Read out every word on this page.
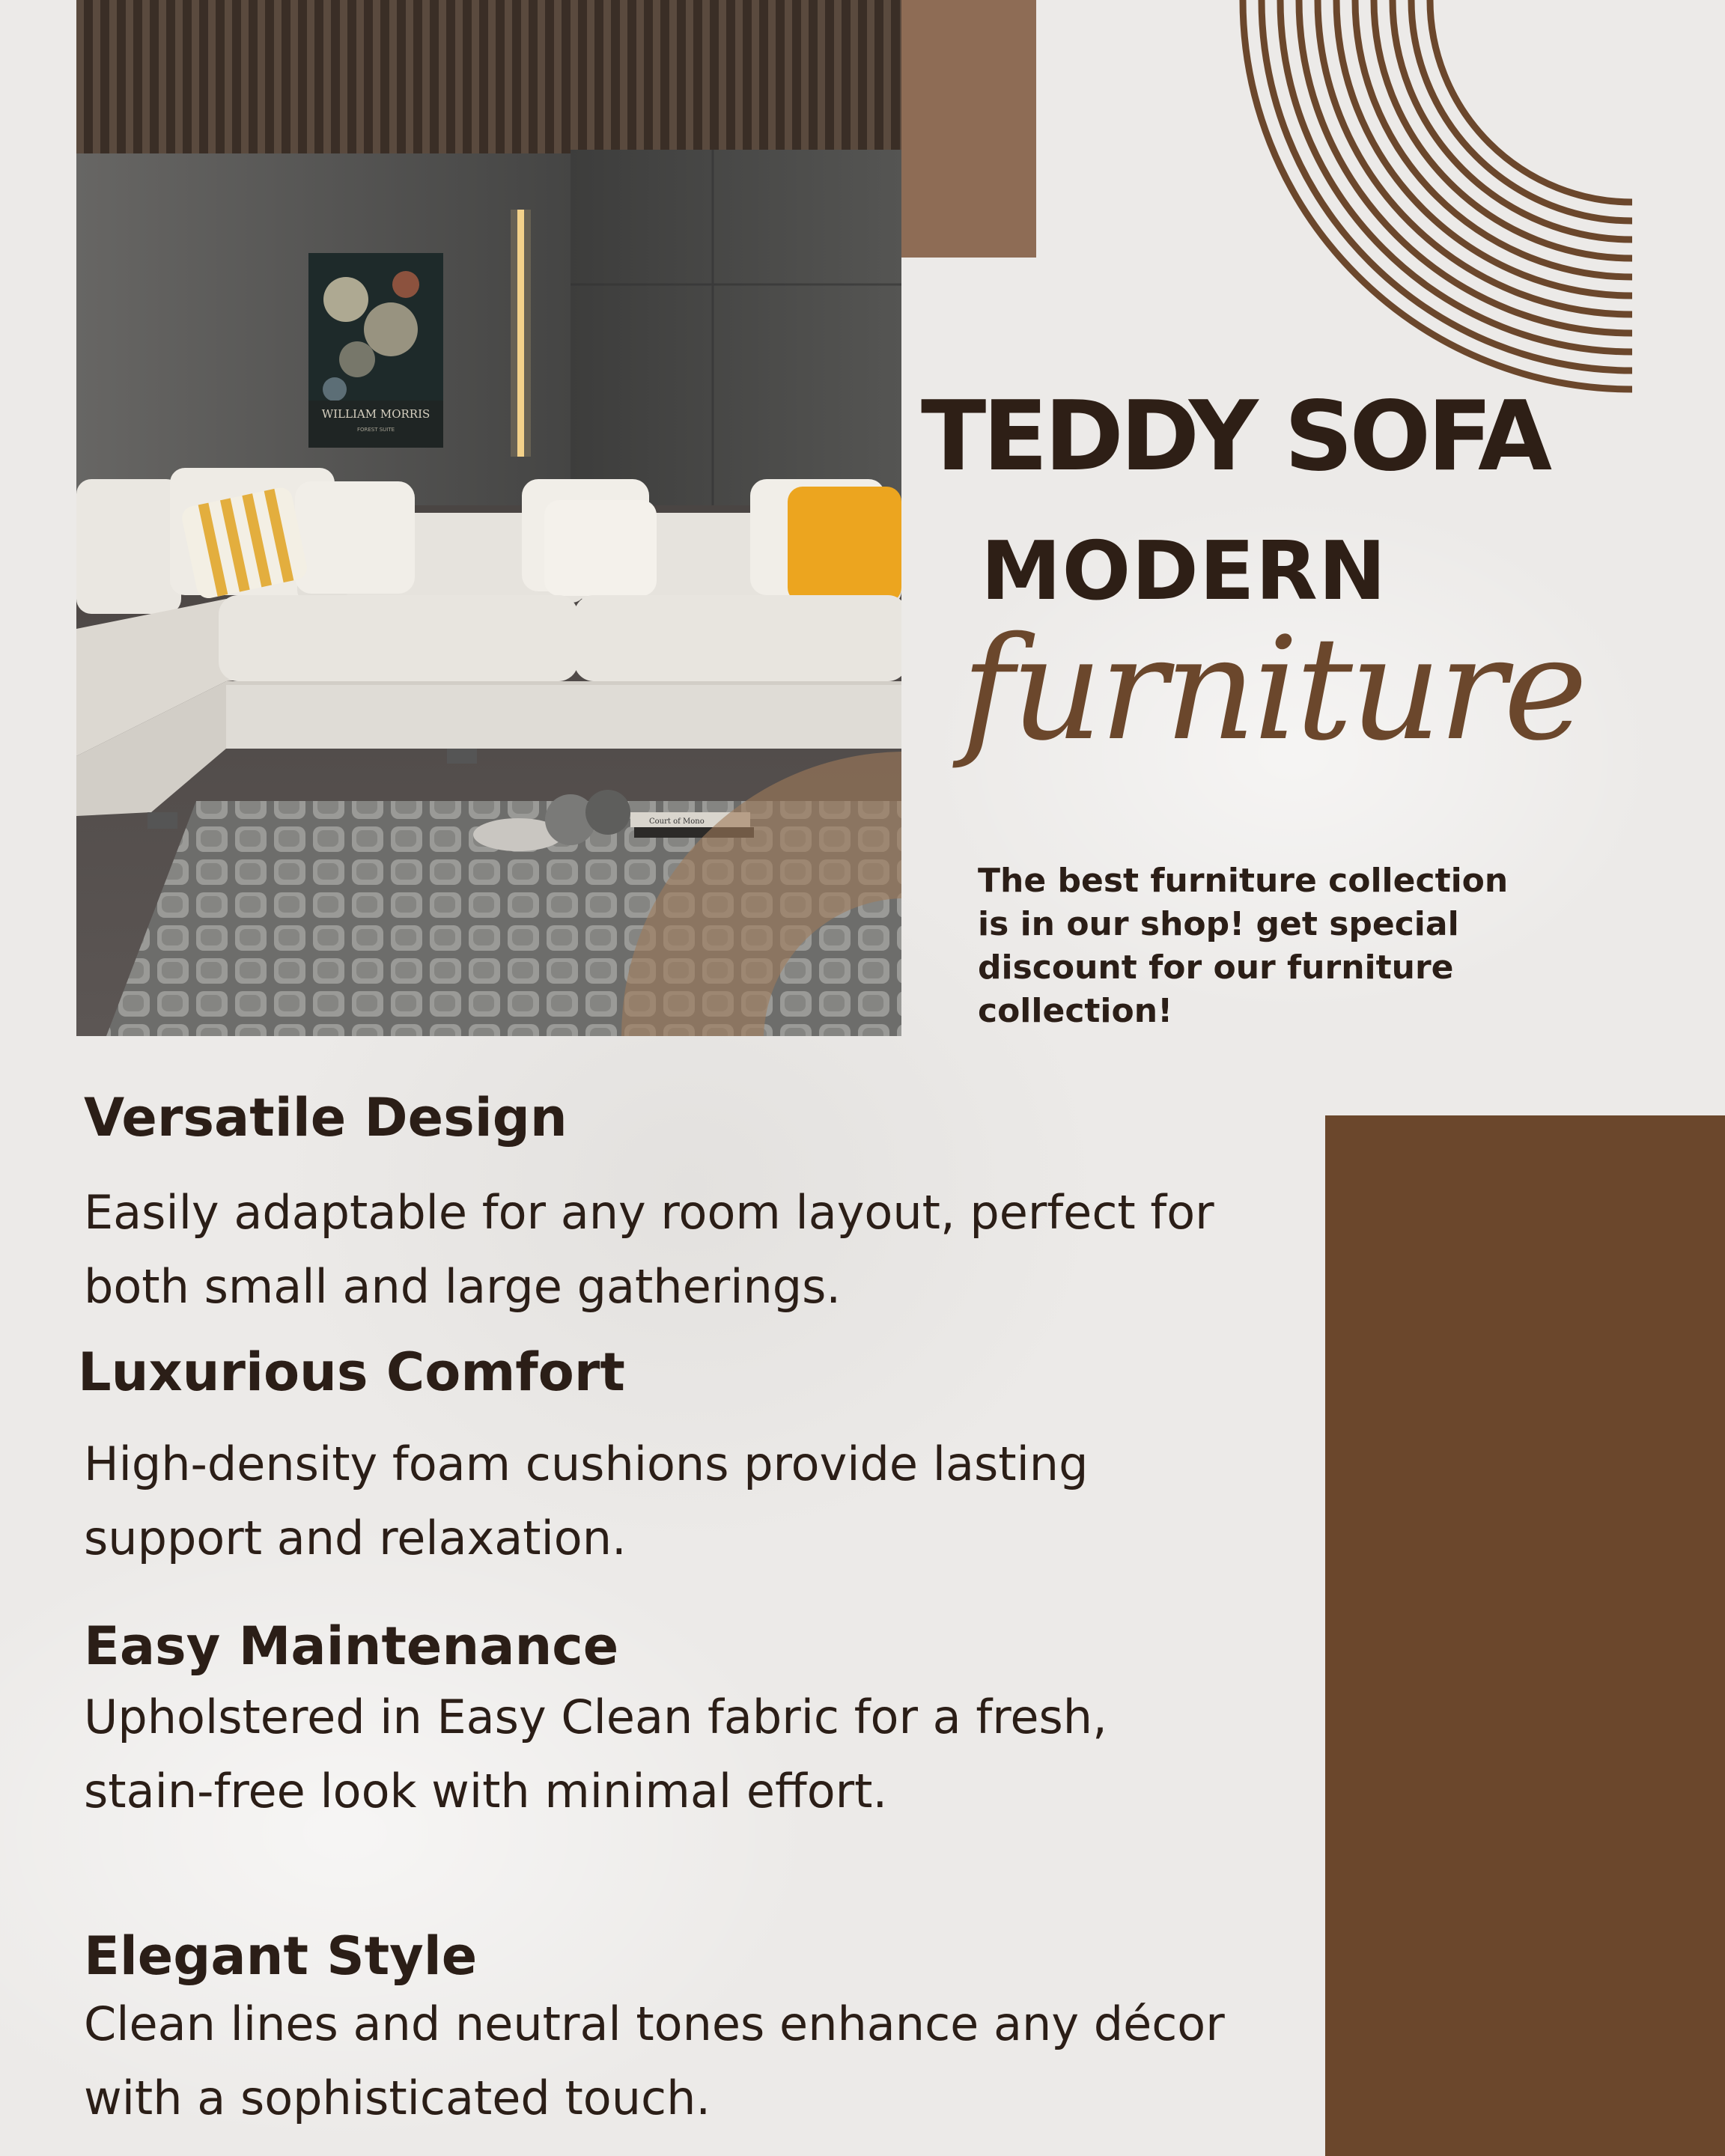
WILLIAM MORRIS
FOREST SUITE
Court of Mono
TEDDY SOFA
MODERN
furniture
The best furniture collection is in our shop! get special discount for our furniture collection!
Versatile Design
Easily adaptable for any room layout, perfect for both small and large gatherings.
Luxurious Comfort
High-density foam cushions provide lasting support and relaxation.
Easy Maintenance
Upholstered in Easy Clean fabric for a fresh, stain-free look with minimal effort.
Elegant Style
Clean lines and neutral tones enhance any décor with a sophisticated touch.
